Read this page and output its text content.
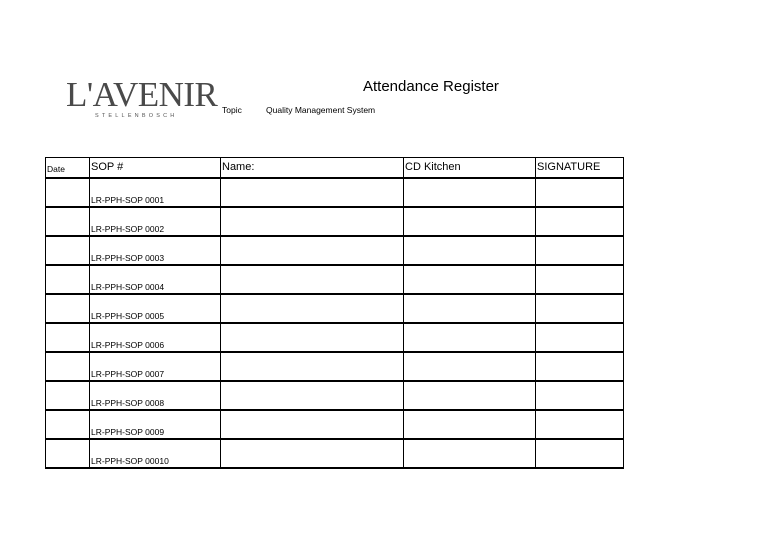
L'AVENIR
STELLENBOSCH
Attendance Register
Topic	Quality Management System
Date	SOP #	Name:	CD Kitchen	SIGNATURE
	LR-PPH-SOP 0001			
	LR-PPH-SOP 0002			
	LR-PPH-SOP 0003			
	LR-PPH-SOP 0004			
	LR-PPH-SOP 0005			
	LR-PPH-SOP 0006			
	LR-PPH-SOP 0007			
	LR-PPH-SOP 0008			
	LR-PPH-SOP 0009			
	LR-PPH-SOP 00010			
